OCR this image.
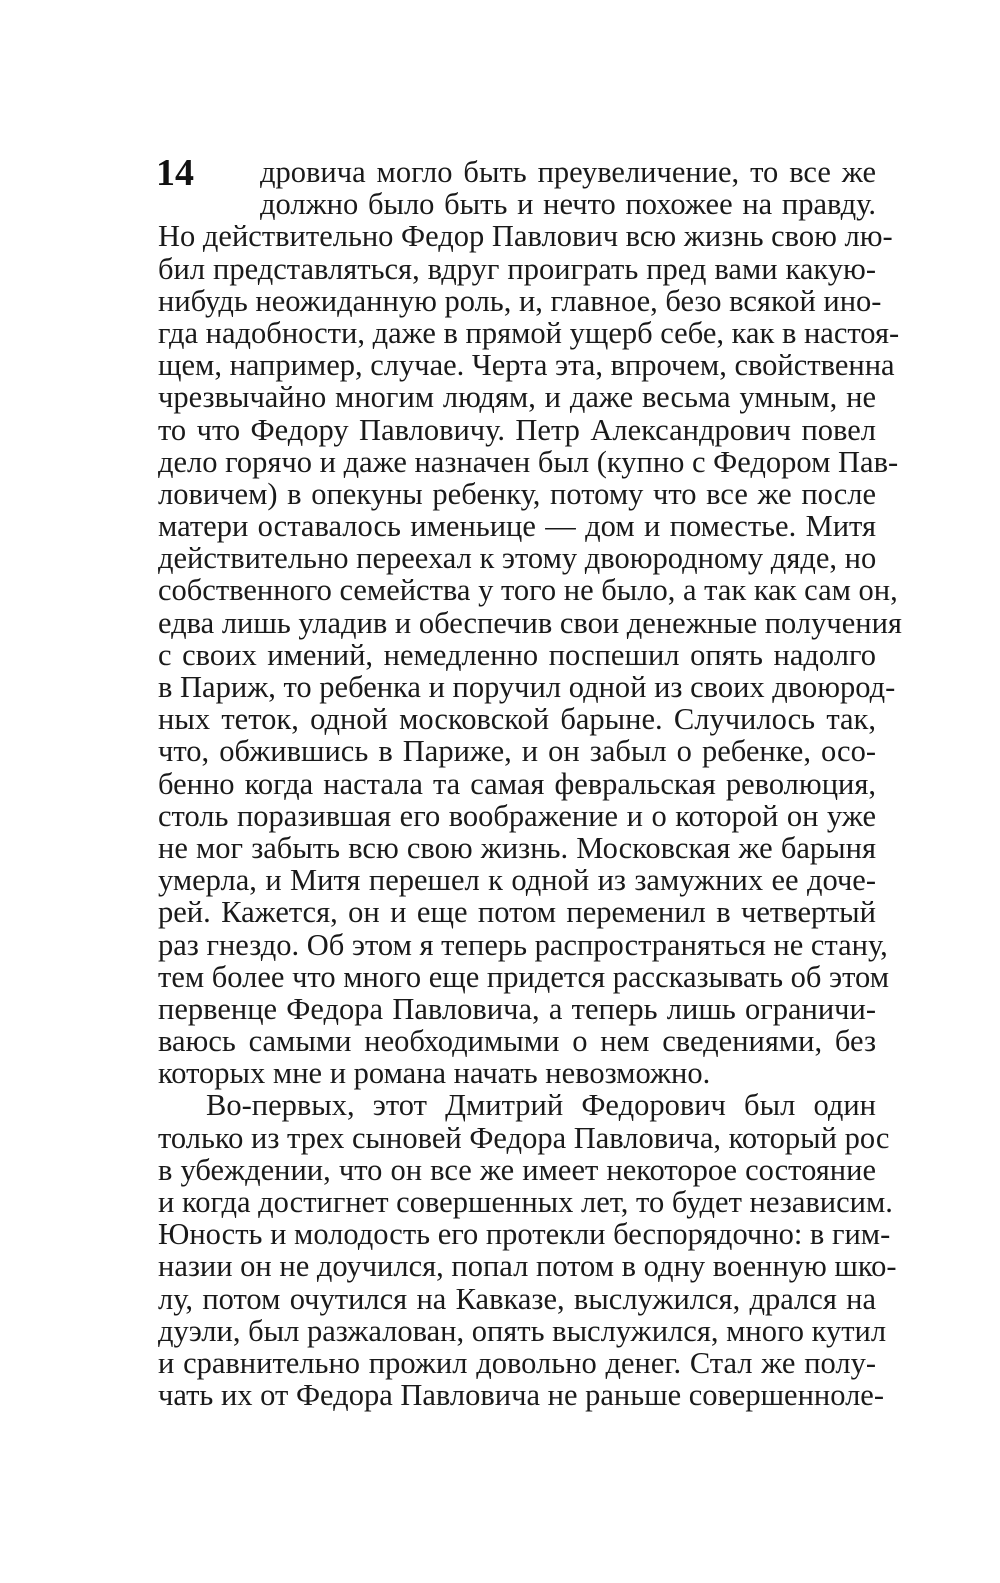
14	дровича могло быть преувеличение, то все же
должно было быть и нечто похожее на правду.
Но действительно Федор Павлович всю жизнь свою лю-
бил представляться, вдруг проиграть пред вами какую-
нибудь неожиданную роль, и, главное, безо всякой ино-
гда надобности, даже в прямой ущерб себе, как в настоя-
щем, например, случае. Черта эта, впрочем, свойственна
чрезвычайно многим людям, и даже весьма умным, не
то что Федору Павловичу. Петр Александрович повел
дело горячо и даже назначен был (купно с Федором Пав-
ловичем) в опекуны ребенку, потому что все же после
матери оставалось именьице — дом и поместье. Митя
действительно переехал к этому двоюродному дяде, но
собственного семейства у того не было, а так как сам он,
едва лишь уладив и обеспечив свои денежные получения
с своих имений, немедленно поспешил опять надолго
в Париж, то ребенка и поручил одной из своих двоюрод-
ных теток, одной московской барыне. Случилось так,
что, обжившись в Париже, и он забыл о ребенке, осо-
бенно когда настала та самая февральская революция,
столь поразившая его воображение и о которой он уже
не мог забыть всю свою жизнь. Московская же барыня
умерла, и Митя перешел к одной из замужних ее доче-
рей. Кажется, он и еще потом переменил в четвертый
раз гнездо. Об этом я теперь распространяться не стану,
тем более что много еще придется рассказывать об этом
первенце Федора Павловича, а теперь лишь ограничи-
ваюсь самыми необходимыми о нем сведениями, без
которых мне и романа начать невозможно.
Во-первых, этот Дмитрий Федорович был один
только из трех сыновей Федора Павловича, который рос
в убеждении, что он все же имеет некоторое состояние
и когда достигнет совершенных лет, то будет независим.
Юность и молодость его протекли беспорядочно: в гим-
назии он не доучился, попал потом в одну военную шко-
лу, потом очутился на Кавказе, выслужился, дрался на
дуэли, был разжалован, опять выслужился, много кутил
и сравнительно прожил довольно денег. Стал же полу-
чать их от Федора Павловича не раньше совершенноле-
